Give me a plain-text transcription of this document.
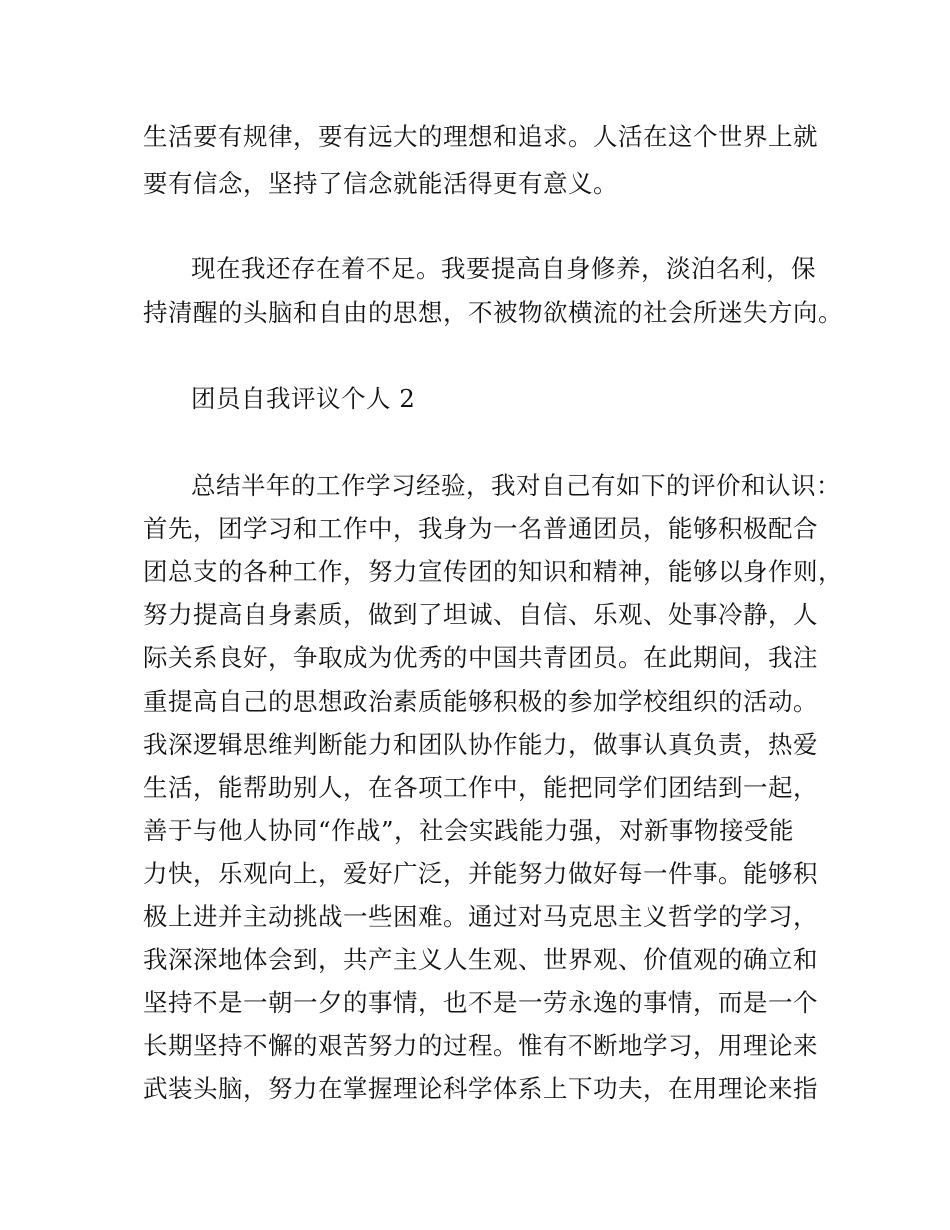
生活要有规律，要有远大的理想和追求。人活在这个世界上就
要有信念，坚持了信念就能活得更有意义。
现在我还存在着不足。我要提高自身修养，淡泊名利，保
持清醒的头脑和自由的思想，不被物欲横流的社会所迷失方向。
团员自我评议个人 2
总结半年的工作学习经验，我对自己有如下的评价和认识：
首先，团学习和工作中，我身为一名普通团员，能够积极配合
团总支的各种工作，努力宣传团的知识和精神，能够以身作则，
努力提高自身素质，做到了坦诚、自信、乐观、处事冷静，人
际关系良好，争取成为优秀的中国共青团员。在此期间，我注
重提高自己的思想政治素质能够积极的参加学校组织的活动。
我深逻辑思维判断能力和团队协作能力，做事认真负责，热爱
生活，能帮助别人，在各项工作中，能把同学们团结到一起，
善于与他人协同“作战”，社会实践能力强，对新事物接受能
力快，乐观向上，爱好广泛，并能努力做好每一件事。能够积
极上进并主动挑战一些困难。通过对马克思主义哲学的学习，
我深深地体会到，共产主义人生观、世界观、价值观的确立和
坚持不是一朝一夕的事情，也不是一劳永逸的事情，而是一个
长期坚持不懈的艰苦努力的过程。惟有不断地学习，用理论来
武装头脑，努力在掌握理论科学体系上下功夫，在用理论来指
